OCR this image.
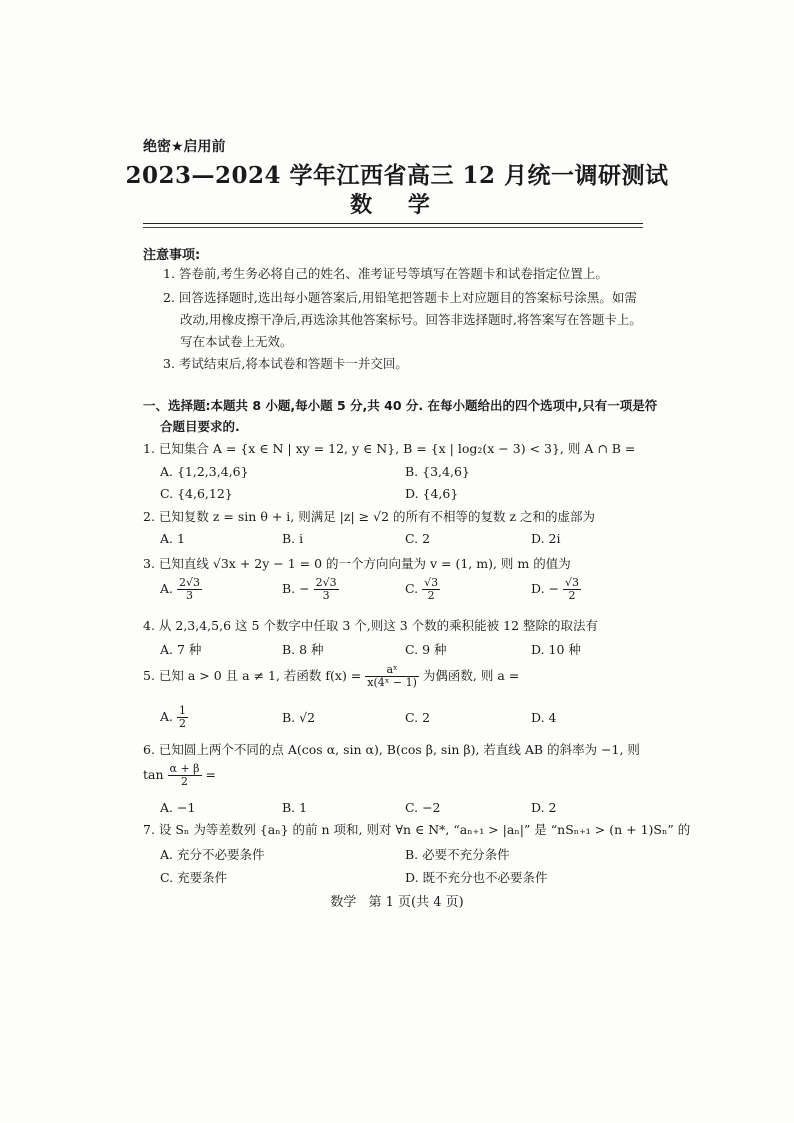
绝密★启用前
2023—2024 学年江西省高三 12 月统一调研测试
数 学
注意事项:
1. 答卷前,考生务必将自己的姓名、准考证号等填写在答题卡和试卷指定位置上。
2. 回答选择题时,选出每小题答案后,用铅笔把答题卡上对应题目的答案标号涂黑。如需
改动,用橡皮擦干净后,再选涂其他答案标号。回答非选择题时,将答案写在答题卡上。
写在本试卷上无效。
3. 考试结束后,将本试卷和答题卡一并交回。
一、选择题:本题共 8 小题,每小题 5 分,共 40 分. 在每小题给出的四个选项中,只有一项是符
合题目要求的.
1. 已知集合 A = {x ∈ N | xy = 12, y ∈ N}, B = {x | log₂(x − 3) < 3}, 则 A ∩ B =
A. {1,2,3,4,6}	B. {3,4,6}
C. {4,6,12}	D. {4,6}
2. 已知复数 z = sin θ + i, 则满足 |z| ≥ √2 的所有不相等的复数 z 之和的虚部为
A. 1	B. i	C. 2	D. 2i
3. 已知直线 √3x + 2y − 1 = 0 的一个方向向量为 v = (1, m), 则 m 的值为
A. $\frac{2√3}{3}$	B. − $\frac{2√3}{3}$	C. $\frac{√3}{2}$	D. − $\frac{√3}{2}$
4. 从 2,3,4,5,6 这 5 个数字中任取 3 个,则这 3 个数的乘积能被 12 整除的取法有
A. 7 种	B. 8 种	C. 9 种	D. 10 种
5. 已知 a > 0 且 a ≠ 1, 若函数 $f(x) = \frac{\text{aˣ}}{\text{x(4ˣ − 1)}}$ 为偶函数, 则 a =
A. $\frac{1}{2}$	B. √2	C. 2	D. 4
6. 已知圆上两个不同的点 A(cos α, sin α), B(cos β, sin β), 若直线 AB 的斜率为 −1, 则
$\tan \frac{\alpha + \beta}{2}$ =
A. −1	B. 1	C. −2	D. 2
7. 设 Sₙ 为等差数列 {aₙ} 的前 n 项和, 则对 ∀n ∈ N*, “aₙ₊₁ > |aₙ|” 是 “nSₙ₊₁ > (n + 1)Sₙ” 的
A. 充分不必要条件	B. 必要不充分条件
C. 充要条件	D. 既不充分也不必要条件
数学 第 1 页(共 4 页)
